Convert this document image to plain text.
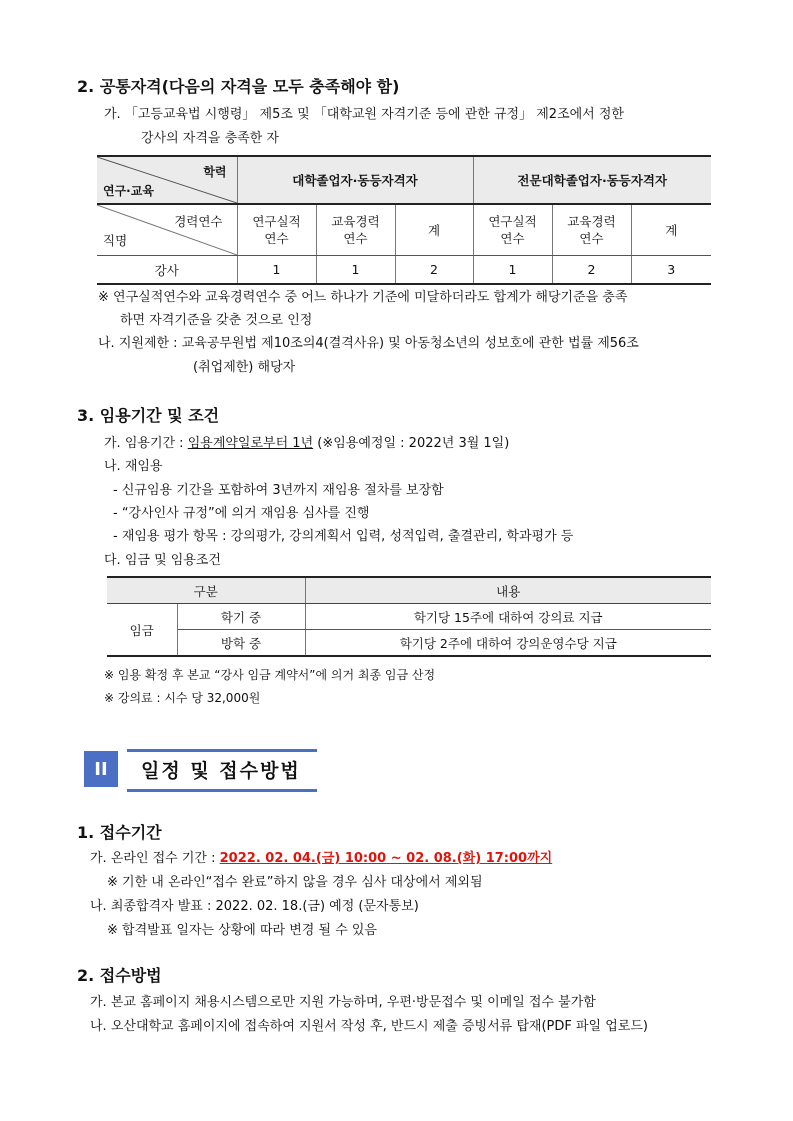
2. 공통자격(다음의 자격을 모두 충족해야 함)
가. 「고등교육법 시행령」 제5조 및 「대학교원 자격기준 등에 관한 규정」 제2조에서 정한
강사의 자격을 충족한 자
학력
연구·교육	대학졸업자·동등자격자			전문대학졸업자·동등자격자		

경력연수
직명	연구실적 연수	교육경력 연수	계	연구실적 연수	교육경력 연수	계
강사	1	1	2	1	2	3
※ 연구실적연수와 교육경력연수 중 어느 하나가 기준에 미달하더라도 합계가 해당기준을 충족
하면 자격기준을 갖춘 것으로 인정
나. 지원제한 : 교육공무원법 제10조의4(결격사유) 및 아동청소년의 성보호에 관한 법률 제56조
(취업제한) 해당자
3. 임용기간 및 조건
가. 임용기간 : 임용계약일로부터 1년 (※임용예정일 : 2022년 3월 1일)
나. 재임용
- 신규임용 기간을 포함하여 3년까지 재임용 절차를 보장함
- “강사인사 규정”에 의거 재임용 심사를 진행
- 재임용 평가 항목 : 강의평가, 강의계획서 입력, 성적입력, 출결관리, 학과평가 등
다. 임금 및 임용조건
구분		내용
임금	학기 중	학기당 15주에 대하여 강의료 지급
	방학 중	학기당 2주에 대하여 강의운영수당 지급
※ 임용 확정 후 본교 “강사 임금 계약서”에 의거 최종 임금 산정
※ 강의료 : 시수 당 32,000원
II	일정 및 접수방법
1. 접수기간
가. 온라인 접수 기간 : 2022. 02. 04.(금) 10:00 ~ 02. 08.(화) 17:00까지
※ 기한 내 온라인“접수 완료”하지 않을 경우 심사 대상에서 제외됨
나. 최종합격자 발표 : 2022. 02. 18.(금) 예정 (문자통보)
※ 합격발표 일자는 상황에 따라 변경 될 수 있음
2. 접수방법
가. 본교 홈페이지 채용시스템으로만 지원 가능하며, 우편·방문접수 및 이메일 접수 불가함
나. 오산대학교 홈페이지에 접속하여 지원서 작성 후, 반드시 제출 증빙서류 탑재(PDF 파일 업로드)
